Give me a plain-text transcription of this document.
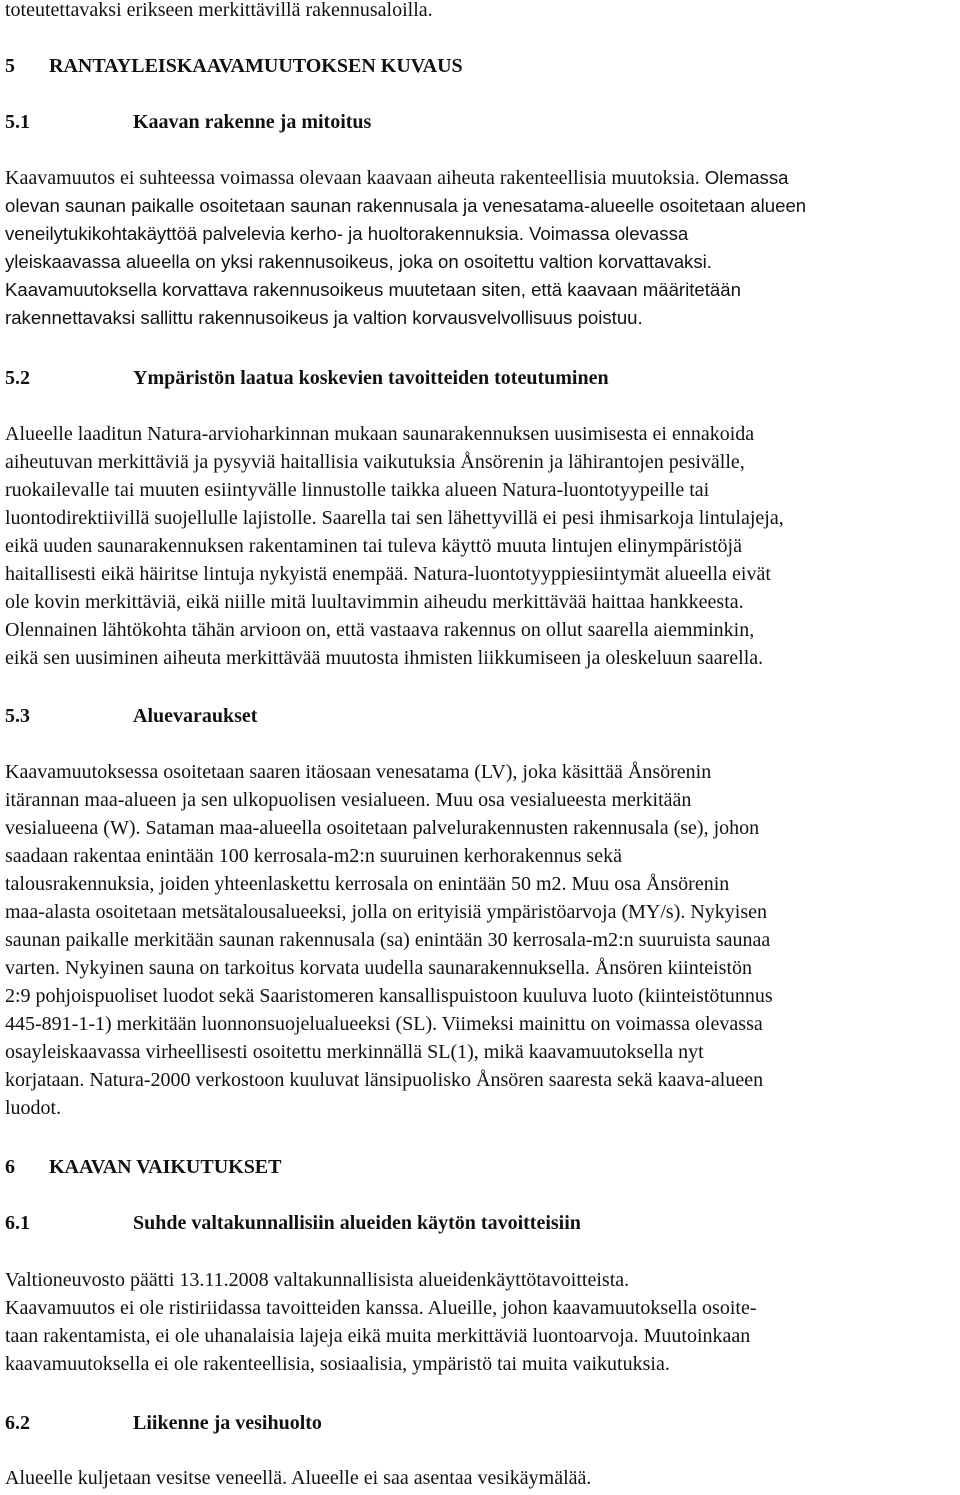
toteutettavaksi erikseen merkittävillä rakennusaloilla.
5 RANTAYLEISKAAVAMUUTOKSEN KUVAUS
5.1	Kaavan rakenne ja mitoitus
Kaavamuutos ei suhteessa voimassa olevaan kaavaan aiheuta rakenteellisia muutoksia. Olemassa
olevan saunan paikalle osoitetaan saunan rakennusala ja venesatama-alueelle osoitetaan alueen
veneilytukikohtakäyttöä palvelevia kerho- ja huoltorakennuksia. Voimassa olevassa
yleiskaavassa alueella on yksi rakennusoikeus, joka on osoitettu valtion korvattavaksi.
Kaavamuutoksella korvattava rakennusoikeus muutetaan siten, että kaavaan määritetään
rakennettavaksi sallittu rakennusoikeus ja valtion korvausvelvollisuus poistuu.
5.2	Ympäristön laatua koskevien tavoitteiden toteutuminen
Alueelle laaditun Natura-arvioharkinnan mukaan saunarakennuksen uusimisesta ei ennakoida
aiheutuvan merkittäviä ja pysyviä haitallisia vaikutuksia Ånsörenin ja lähirantojen pesivälle,
ruokailevalle tai muuten esiintyvälle linnustolle taikka alueen Natura-luontotyypeille tai
luontodirektiivillä suojellulle lajistolle. Saarella tai sen lähettyvillä ei pesi ihmisarkoja lintulajeja,
eikä uuden saunarakennuksen rakentaminen tai tuleva käyttö muuta lintujen elinympäristöjä
haitallisesti eikä häiritse lintuja nykyistä enempää. Natura-luontotyyppiesiintymät alueella eivät
ole kovin merkittäviä, eikä niille mitä luultavimmin aiheudu merkittävää haittaa hankkeesta.
Olennainen lähtökohta tähän arvioon on, että vastaava rakennus on ollut saarella aiemminkin,
eikä sen uusiminen aiheuta merkittävää muutosta ihmisten liikkumiseen ja oleskeluun saarella.
5.3	Aluevaraukset
Kaavamuutoksessa osoitetaan saaren itäosaan venesatama (LV), joka käsittää Ånsörenin
itärannan maa-alueen ja sen ulkopuolisen vesialueen. Muu osa vesialueesta merkitään
vesialueena (W). Sataman maa-alueella osoitetaan palvelurakennusten rakennusala (se), johon
saadaan rakentaa enintään 100 kerrosala-m2:n suuruinen kerhorakennus sekä
talousrakennuksia, joiden yhteenlaskettu kerrosala on enintään 50 m2. Muu osa Ånsörenin
maa-alasta osoitetaan metsätalousalueeksi, jolla on erityisiä ympäristöarvoja (MY/s). Nykyisen
saunan paikalle merkitään saunan rakennusala (sa) enintään 30 kerrosala-m2:n suuruista saunaa
varten. Nykyinen sauna on tarkoitus korvata uudella saunarakennuksella. Ånsören kiinteistön
2:9 pohjoispuoliset luodot sekä Saaristomeren kansallispuistoon kuuluva luoto (kiinteistötunnus
445-891-1-1) merkitään luonnonsuojelualueeksi (SL). Viimeksi mainittu on voimassa olevassa
osayleiskaavassa virheellisesti osoitettu merkinnällä SL(1), mikä kaavamuutoksella nyt
korjataan. Natura-2000 verkostoon kuuluvat länsipuolisko Ånsören saaresta sekä kaava-alueen
luodot.
6 KAAVAN VAIKUTUKSET
6.1	Suhde valtakunnallisiin alueiden käytön tavoitteisiin
Valtioneuvosto päätti 13.11.2008 valtakunnallisista alueidenkäyttötavoitteista.
Kaavamuutos ei ole ristiriidassa tavoitteiden kanssa. Alueille, johon kaavamuutoksella osoite-
taan rakentamista, ei ole uhanalaisia lajeja eikä muita merkittäviä luontoarvoja. Muutoinkaan
kaavamuutoksella ei ole rakenteellisia, sosiaalisia, ympäristö tai muita vaikutuksia.
6.2	Liikenne ja vesihuolto
Alueelle kuljetaan vesitse veneellä. Alueelle ei saa asentaa vesikäymälää.
